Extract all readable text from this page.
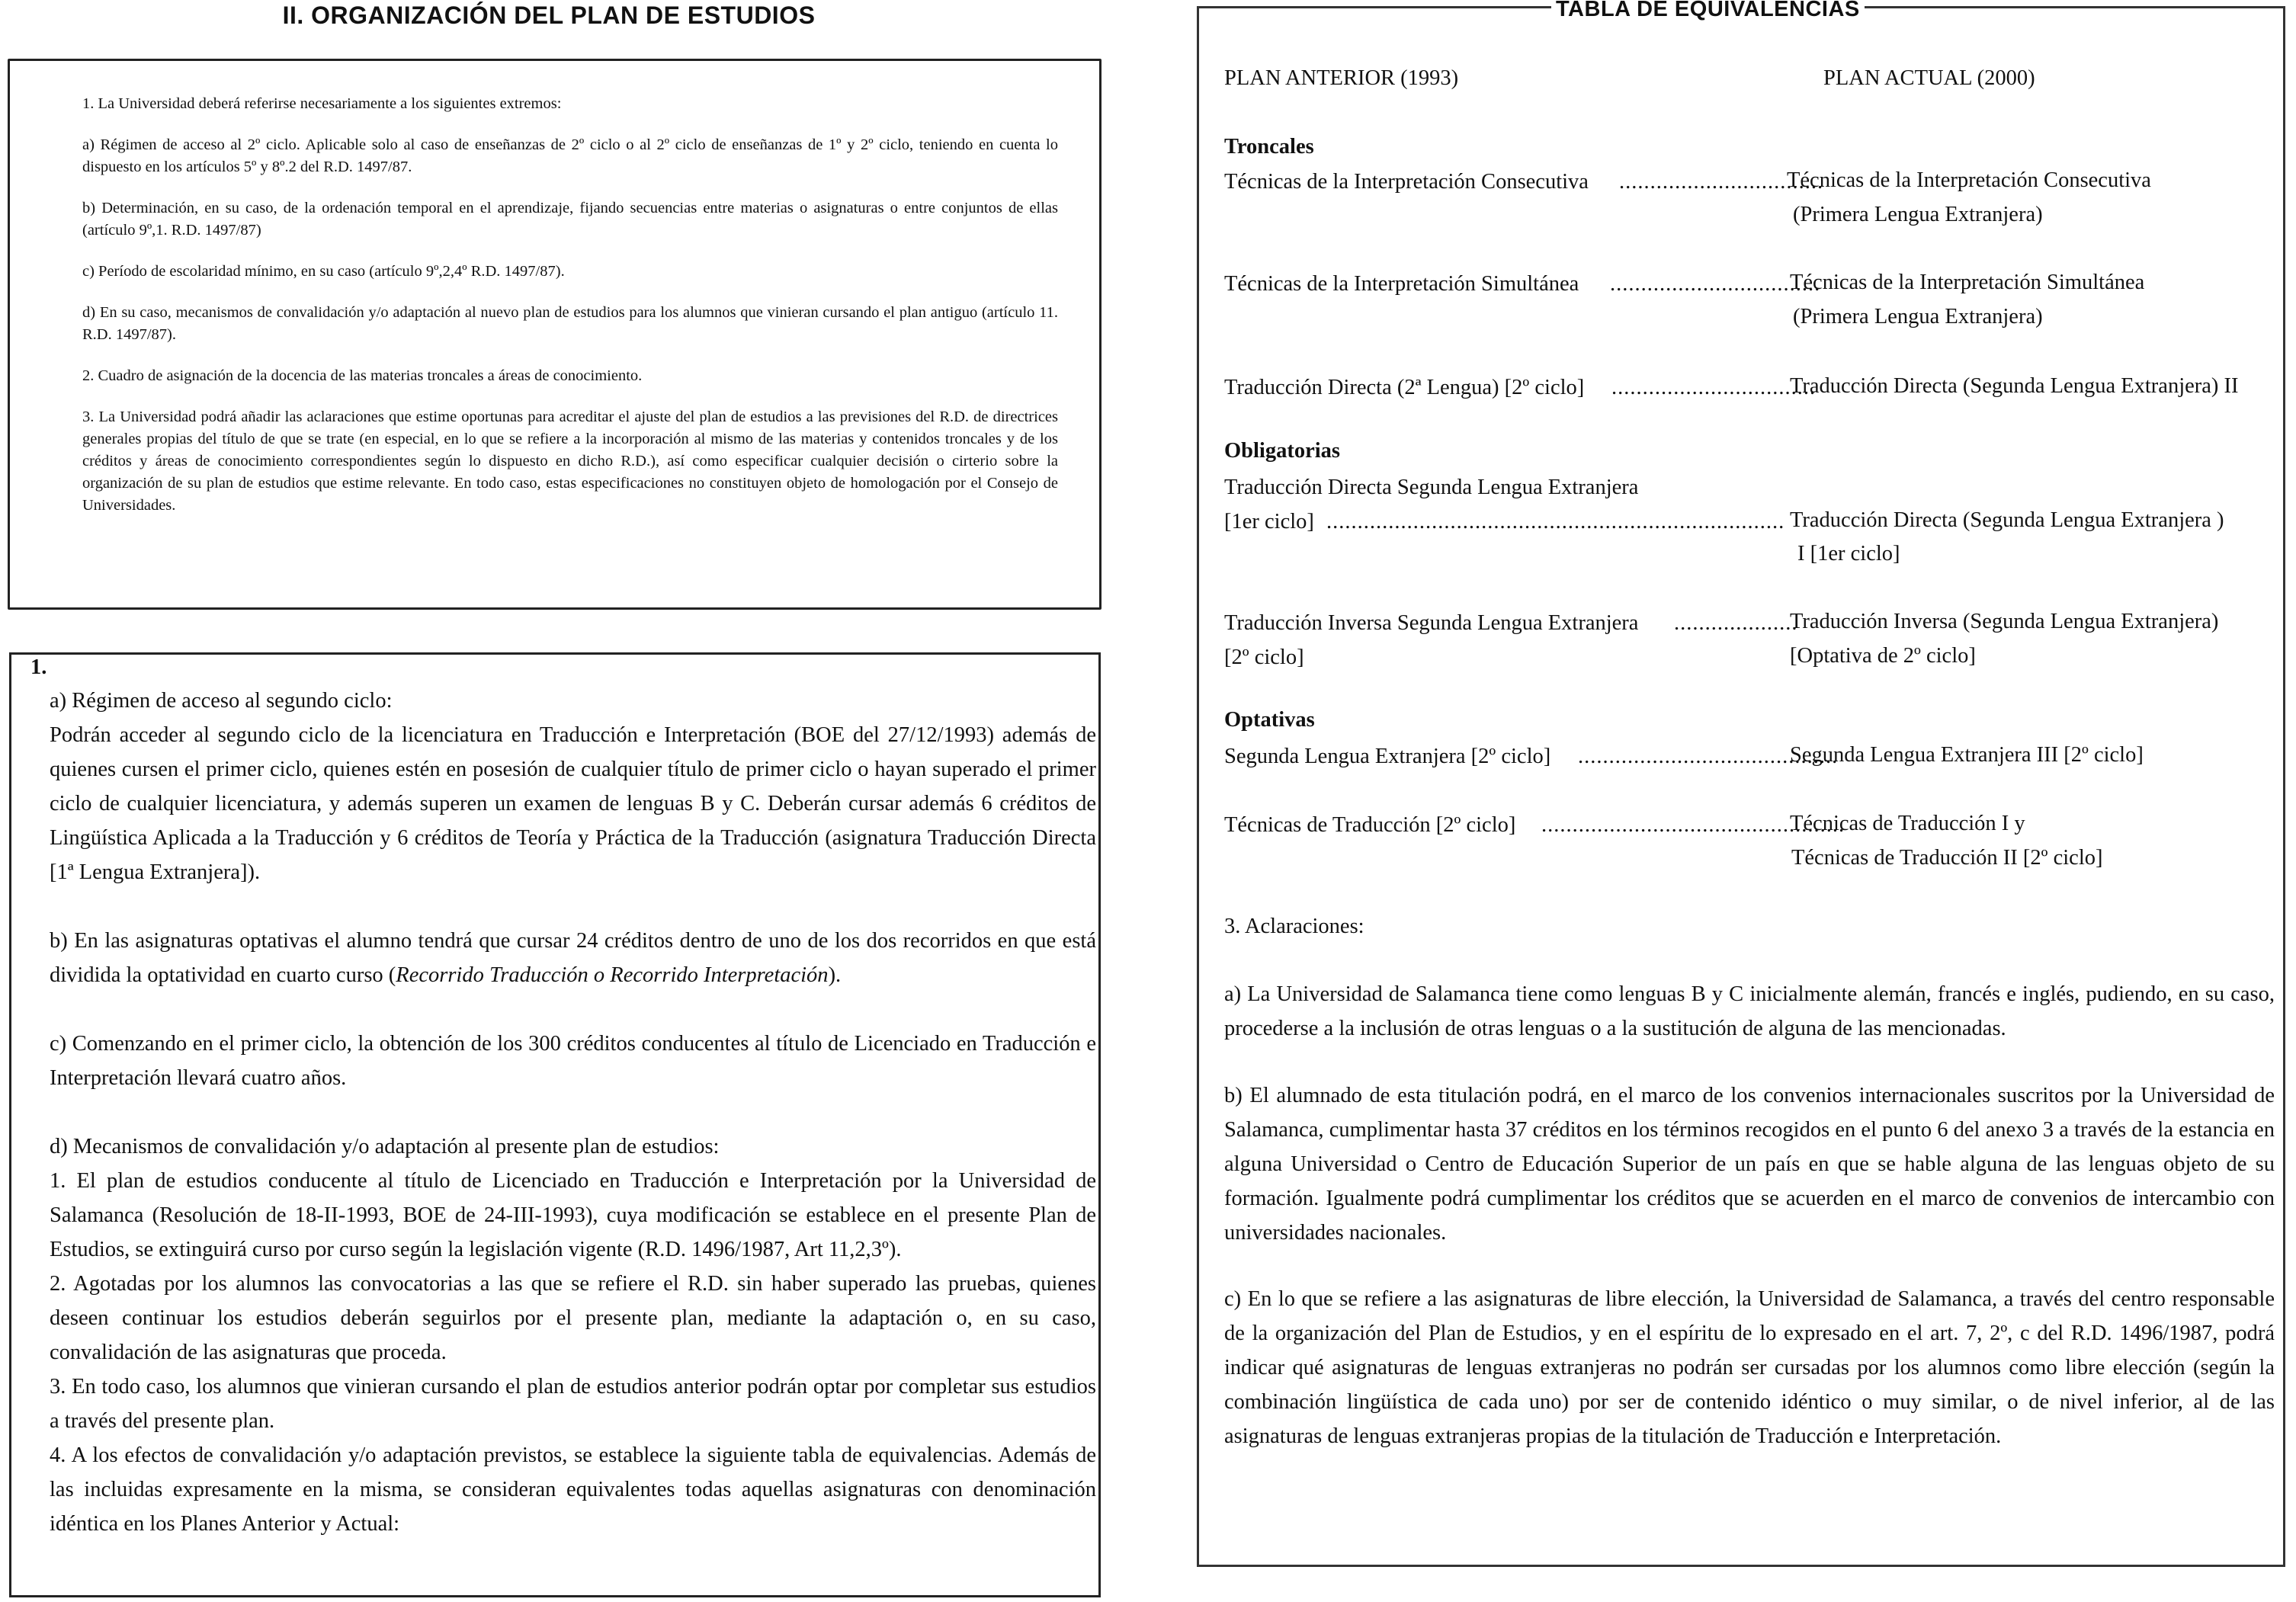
II. ORGANIZACIÓN DEL PLAN DE ESTUDIOS

1. La Universidad deberá referirse necesariamente a los siguientes extremos:

a) Régimen de acceso al 2º ciclo. Aplicable solo al caso de enseñanzas de 2º ciclo o al 2º ciclo de enseñanzas de 1º y 2º ciclo, teniendo en cuenta lo dispuesto en los artículos 5º y 8º.2 del R.D. 1497/87.

b) Determinación, en su caso, de la ordenación temporal en el aprendizaje, fijando secuencias entre materias o asignaturas o entre conjuntos de ellas (artículo 9º,1. R.D. 1497/87)

c) Período de escolaridad mínimo, en su caso (artículo 9º,2,4º R.D. 1497/87).

d) En su caso, mecanismos de convalidación y/o adaptación al nuevo plan de estudios para los alumnos que vinieran cursando el plan antiguo (artículo 11. R.D. 1497/87).

2. Cuadro de asignación de la docencia de las materias troncales a áreas de conocimiento.

3. La Universidad podrá añadir las aclaraciones que estime oportunas para acreditar el ajuste del plan de estudios a las previsiones del R.D. de directrices generales propias del título de que se trate (en especial, en lo que se refiere a la incorporación al mismo de las materias y contenidos troncales y de los créditos y áreas de conocimiento correspondientes según lo dispuesto en dicho R.D.), así como especificar cualquier decisión o cirterio sobre la organización de su plan de estudios que estime relevante. En todo caso, estas especificaciones no constituyen objeto de homologación por el Consejo de Universidades.

1.

a) Régimen de acceso al segundo ciclo:

Podrán acceder al segundo ciclo de la licenciatura en Traducción e Interpretación (BOE del 27/12/1993) además de quienes cursen el primer ciclo, quienes estén en posesión de cualquier título de primer ciclo o hayan superado el primer ciclo de cualquier licenciatura, y además superen un examen de lenguas B y C. Deberán cursar además 6 créditos de Lingüística Aplicada a la Traducción y 6 créditos de Teoría y Práctica de la Traducción (asignatura Traducción Directa [1ª Lengua Extranjera]).

b) En las asignaturas optativas el alumno tendrá que cursar 24 créditos dentro de uno de los dos recorridos en que está dividida la optatividad en cuarto curso (Recorrido Traducción o Recorrido Interpretación).

c) Comenzando en el primer ciclo, la obtención de los 300 créditos conducentes al título de Licenciado en Traducción e Interpretación llevará cuatro años.

d) Mecanismos de convalidación y/o adaptación al presente plan de estudios:

1. El plan de estudios conducente al título de Licenciado en Traducción e Interpretación por la Universidad de Salamanca (Resolución de 18-II-1993, BOE de 24-III-1993), cuya modificación se establece en el presente Plan de Estudios, se extinguirá curso por curso según la legislación vigente (R.D. 1496/1987, Art 11,2,3º).

2. Agotadas por los alumnos las convocatorias a las que se refiere el R.D. sin haber superado las pruebas, quienes deseen continuar los estudios deberán seguirlos por el presente plan, mediante la adaptación o, en su caso, convalidación de las asignaturas que proceda.

3. En todo caso, los alumnos que vinieran cursando el plan de estudios anterior podrán optar por completar sus estudios a través del presente plan.

4. A los efectos de convalidación y/o adaptación previstos, se establece la siguiente tabla de equivalencias. Además de las incluidas expresamente en la misma, se consideran equivalentes todas aquellas asignaturas con denominación idéntica en los Planes Anterior y Actual:

TABLA DE EQUIVALENCIAS
PLAN ANTERIOR (1993)	PLAN ACTUAL (2000)
Troncales
Técnicas de la Interpretación Consecutiva .................................
Técnicas de la Interpretación Consecutiva
(Primera Lengua Extranjera)
Técnicas de la Interpretación Simultánea ..................................
Técnicas de la Interpretación Simultánea
(Primera Lengua Extranjera)
Traducción Directa (2ª Lengua) [2º ciclo] .................................
Traducción Directa (Segunda Lengua Extranjera) II
Obligatorias
Traducción Directa Segunda Lengua Extranjera
[1er ciclo] .......................................................................... Traducción Directa (Segunda Lengua Extranjera )
I [1er ciclo]
Traducción Inversa Segunda Lengua Extranjera ....................
Traducción Inversa (Segunda Lengua Extranjera)
[2º ciclo]	[Optativa de 2º ciclo]
Optativas
Segunda Lengua Extranjera [2º ciclo] ..........................................
Segunda Lengua Extranjera III [2º ciclo]
Técnicas de Traducción [2º ciclo] .................................................
Técnicas de Traducción I y
Técnicas de Traducción II [2º ciclo]
3. Aclaraciones:

a) La Universidad de Salamanca tiene como lenguas B y C inicialmente alemán, francés e inglés, pudiendo, en su caso, procederse a la inclusión de otras lenguas o a la sustitución de alguna de las mencionadas.

b) El alumnado de esta titulación podrá, en el marco de los convenios internacionales suscritos por la Universidad de Salamanca, cumplimentar hasta 37 créditos en los términos recogidos en el punto 6 del anexo 3 a través de la estancia en alguna Universidad o Centro de Educación Superior de un país en que se hable alguna de las lenguas objeto de su formación. Igualmente podrá cumplimentar los créditos que se acuerden en el marco de convenios de intercambio con universidades nacionales.

c) En lo que se refiere a las asignaturas de libre elección, la Universidad de Salamanca, a través del centro responsable de la organización del Plan de Estudios, y en el espíritu de lo expresado en el art. 7, 2º, c del R.D. 1496/1987, podrá indicar qué asignaturas de lenguas extranjeras no podrán ser cursadas por los alumnos como libre elección (según la combinación lingüística de cada uno) por ser de contenido idéntico o muy similar, o de nivel inferior, al de las asignaturas de lenguas extranjeras propias de la titulación de Traducción e Interpretación.
